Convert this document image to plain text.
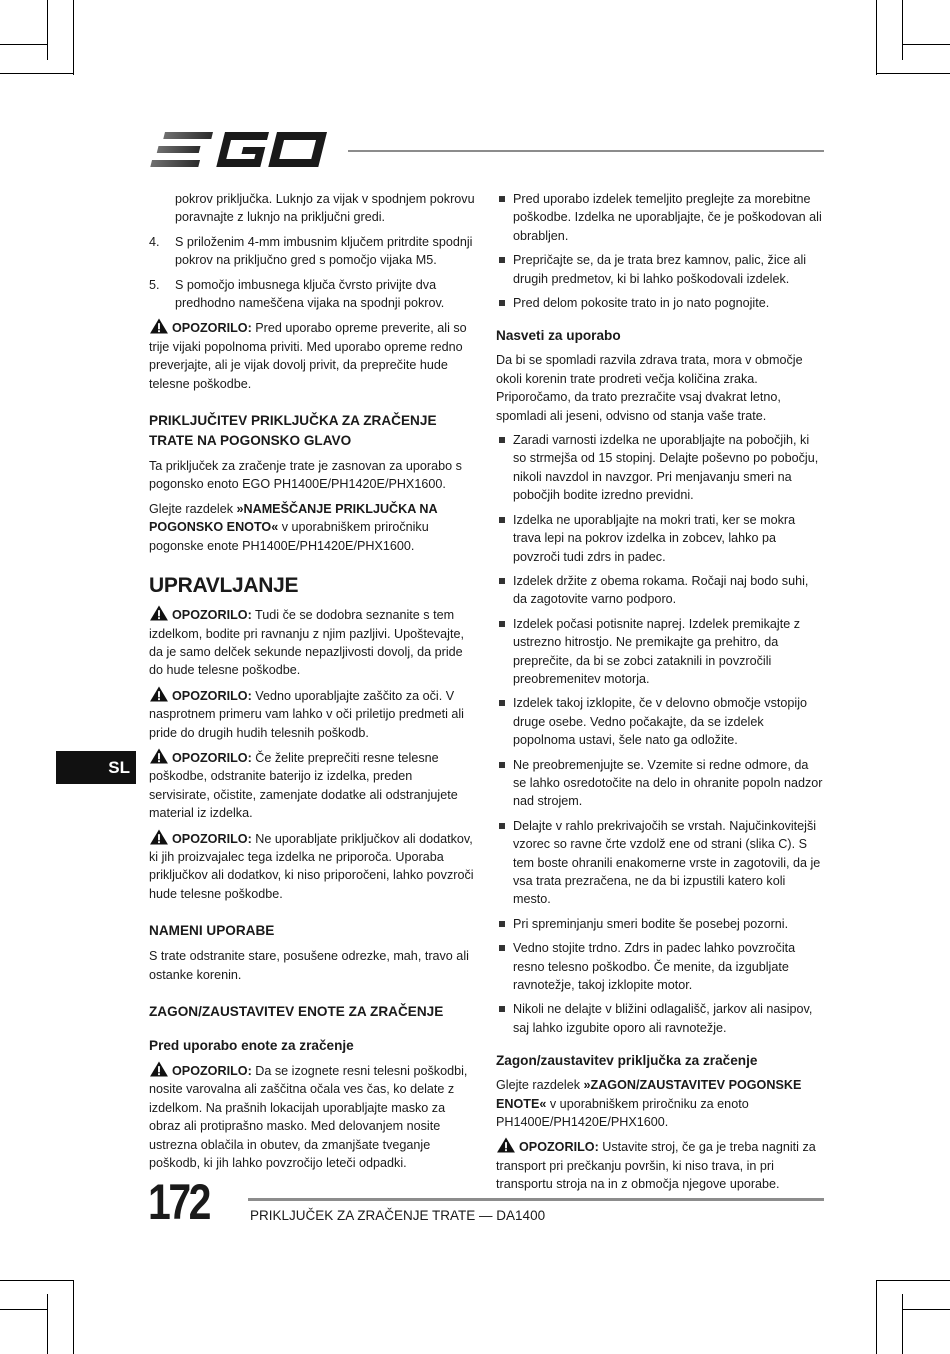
pokrov priključka. Luknjo za vijak v spodnjem pokrovu poravnajte z luknjo na priključni gredi.
4. S priloženim 4-mm imbusnim ključem pritrdite spodnji pokrov na priključno gred s pomočjo vijaka M5.
5. S pomočjo imbusnega ključa čvrsto privijte dva predhodno nameščena vijaka na spodnji pokrov.

OPOZORILO: Pred uporabo opreme preverite, ali so trije vijaki popolnoma priviti. Med uporabo opreme redno preverjajte, ali je vijak dovolj privit, da preprečite hude telesne poškodbe.

PRIKLJUČITEV PRIKLJUČKA ZA ZRAČENJE
TRATE NA POGONSKO GLAVO

Ta priključek za zračenje trate je zasnovan za uporabo s pogonsko enoto EGO PH1400E/PH1420E/PHX1600.

Glejte razdelek »NAMEŠČANJE PRIKLJUČKA NA POGONSKO ENOTO« v uporabniškem priročniku pogonske enote PH1400E/PH1420E/PHX1600.

UPRAVLJANJE

OPOZORILO: Tudi če se dodobra seznanite s tem izdelkom, bodite pri ravnanju z njim pazljivi. Upoštevajte, da je samo delček sekunde nepazljivosti dovolj, da pride do hude telesne poškodbe.

OPOZORILO: Vedno uporabljajte zaščito za oči. V nasprotnem primeru vam lahko v oči priletijo predmeti ali pride do drugih hudih telesnih poškodb.

OPOZORILO: Če želite preprečiti resne telesne poškodbe, odstranite baterijo iz izdelka, preden servisirate, očistite, zamenjate dodatke ali odstranjujete material iz izdelka.

OPOZORILO: Ne uporabljate priključkov ali dodatkov, ki jih proizvajalec tega izdelka ne priporoča. Uporaba priključkov ali dodatkov, ki niso priporočeni, lahko povzroči hude telesne poškodbe.

NAMENI UPORABE

S trate odstranite stare, posušene odrezke, mah, travo ali ostanke korenin.

ZAGON/ZAUSTAVITEV ENOTE ZA ZRAČENJE
Pred uporabo enote za zračenje

OPOZORILO: Da se izognete resni telesni poškodbi, nosite varovalna ali zaščitna očala ves čas, ko delate z izdelkom. Na prašnih lokacijah uporabljajte masko za obraz ali protiprašno masko. Med delovanjem nosite ustrezna oblačila in obutev, da zmanjšate tveganje poškodb, ki jih lahko povzročijo leteči odpadki.

Pred uporabo izdelek temeljito preglejte za morebitne poškodbe. Izdelka ne uporabljajte, če je poškodovan ali obrabljen.
Prepričajte se, da je trata brez kamnov, palic, žice ali drugih predmetov, ki bi lahko poškodovali izdelek.
Pred delom pokosite trato in jo nato pognojite.
Nasveti za uporabo

Da bi se spomladi razvila zdrava trata, mora v območje okoli korenin trate prodreti večja količina zraka. Priporočamo, da trato prezračite vsaj dvakrat letno, spomladi ali jeseni, odvisno od stanja vaše trate.

Zaradi varnosti izdelka ne uporabljajte na pobočjih, ki so strmejša od 15 stopinj. Delajte poševno po pobočju, nikoli navzdol in navzgor. Pri menjavanju smeri na pobočjih bodite izredno previdni.
Izdelka ne uporabljajte na mokri trati, ker se mokra trava lepi na pokrov izdelka in zobcev, lahko pa povzroči tudi zdrs in padec.
Izdelek držite z obema rokama. Ročaji naj bodo suhi, da zagotovite varno podporo.
Izdelek počasi potisnite naprej. Izdelek premikajte z ustrezno hitrostjo. Ne premikajte ga prehitro, da preprečite, da bi se zobci zataknili in povzročili preobremenitev motorja.
Izdelek takoj izklopite, če v delovno območje vstopijo druge osebe. Vedno počakajte, da se izdelek popolnoma ustavi, šele nato ga odložite.
Ne preobremenjujte se. Vzemite si redne odmore, da se lahko osredotočite na delo in ohranite popoln nadzor nad strojem.
Delajte v rahlo prekrivajočih se vrstah. Najučinkovitejši vzorec so ravne črte vzdolž ene od strani (slika C). S tem boste ohranili enakomerne vrste in zagotovili, da je vsa trata prezračena, ne da bi izpustili katero koli mesto.
Pri spreminjanju smeri bodite še posebej pozorni.
Vedno stojite trdno. Zdrs in padec lahko povzročita resno telesno poškodbo. Če menite, da izgubljate ravnotežje, takoj izklopite motor.
Nikoli ne delajte v bližini odlagališč, jarkov ali nasipov, saj lahko izgubite oporo ali ravnotežje.
Zagon/zaustavitev priključka za zračenje

Glejte razdelek »ZAGON/ZAUSTAVITEV POGONSKE ENOTE« v uporabniškem priročniku za enoto PH1400E/PH1420E/PHX1600.

OPOZORILO: Ustavite stroj, če ga je treba nagniti za transport pri prečkanju površin, ki niso trava, in pri transportu stroja na in z območja njegove uporabe.

SL
172	PRIKLJUČEK ZA ZRAČENJE TRATE — DA1400
